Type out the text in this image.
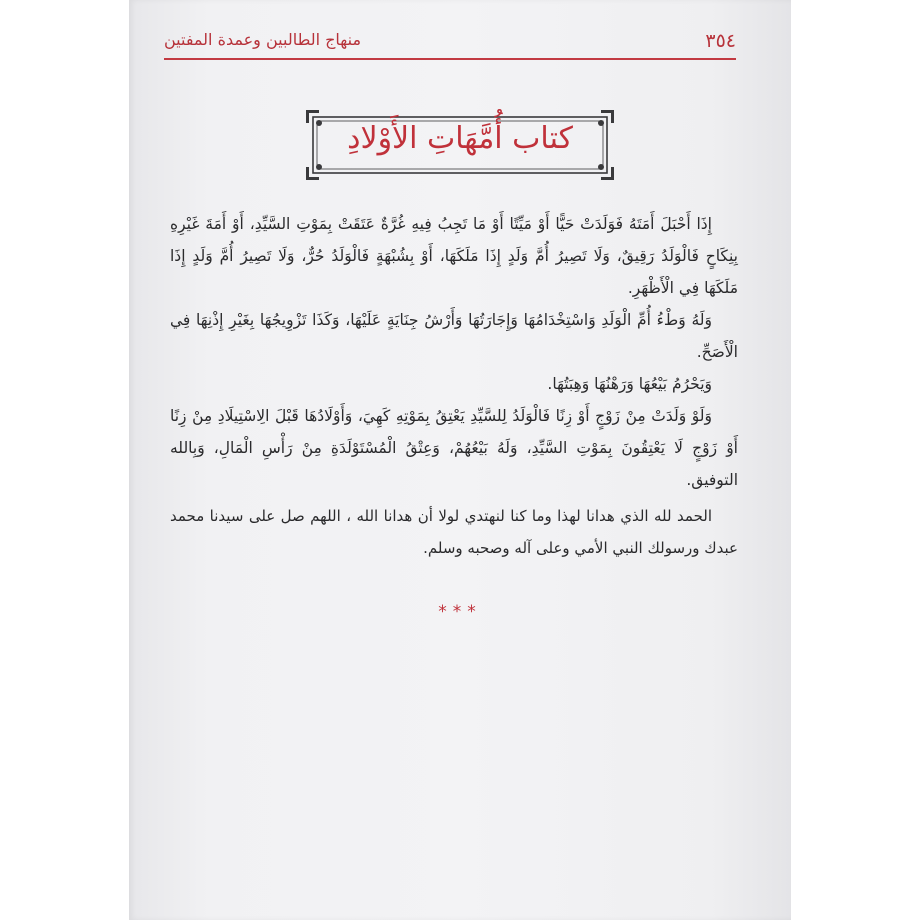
٣٥٤
منهاج الطالبين وعمدة المفتين
كتاب أُمَّهَاتِ الأَوْلادِ

إِذَا أَحْبَلَ أَمَتَهُ فَوَلَدَتْ حَيًّا أَوْ مَيِّتًا أَوْ مَا تَجِبُ فِيهِ غُرَّةٌ عَتَقَتْ بِمَوْتِ السَّيِّدِ، أَوْ أَمَةَ غَيْرِهِ بِنِكَاحٍ فَالْوَلَدُ رَقِيقٌ، وَلَا تَصِيرُ أُمَّ وَلَدٍ إِذَا مَلَكَهَا، أَوْ بِشُبْهَةٍ فَالْوَلَدُ حُرٌّ، وَلَا تَصِيرُ أُمَّ وَلَدٍ إِذَا مَلَكَهَا فِي الْأَظْهَرِ.

وَلَهُ وَطْءُ أُمِّ الْوَلَدِ وَاسْتِخْدَامُهَا وَإِجَارَتُهَا وَأَرْشُ جِنَايَةٍ عَلَيْهَا، وَكَذَا تَزْوِيجُهَا بِغَيْرِ إِذْنِهَا فِي الْأَصَحِّ.

وَيَحْرُمُ بَيْعُهَا وَرَهْنُهَا وَهِبَتُهَا.

وَلَوْ وَلَدَتْ مِنْ زَوْجٍ أَوْ زِنًا فَالْوَلَدُ لِلسَّيِّدِ يَعْتِقُ بِمَوْتِهِ كَهِيَ، وَأَوْلَادُهَا قَبْلَ الِاسْتِيلَادِ مِنْ زِنًا أَوْ زَوْجٍ لَا يَعْتِقُونَ بِمَوْتِ السَّيِّدِ، وَلَهُ بَيْعُهُمْ، وَعِتْقُ الْمُسْتَوْلَدَةِ مِنْ رَأْسِ الْمَالِ، وَبِالله التوفيق.

الحمد لله الذي هدانا لهذا وما كنا لنهتدي لولا أن هدانا الله ، اللهم صل على سيدنا محمد عبدك ورسولك النبي الأمي وعلى آله وصحبه وسلم.

***
